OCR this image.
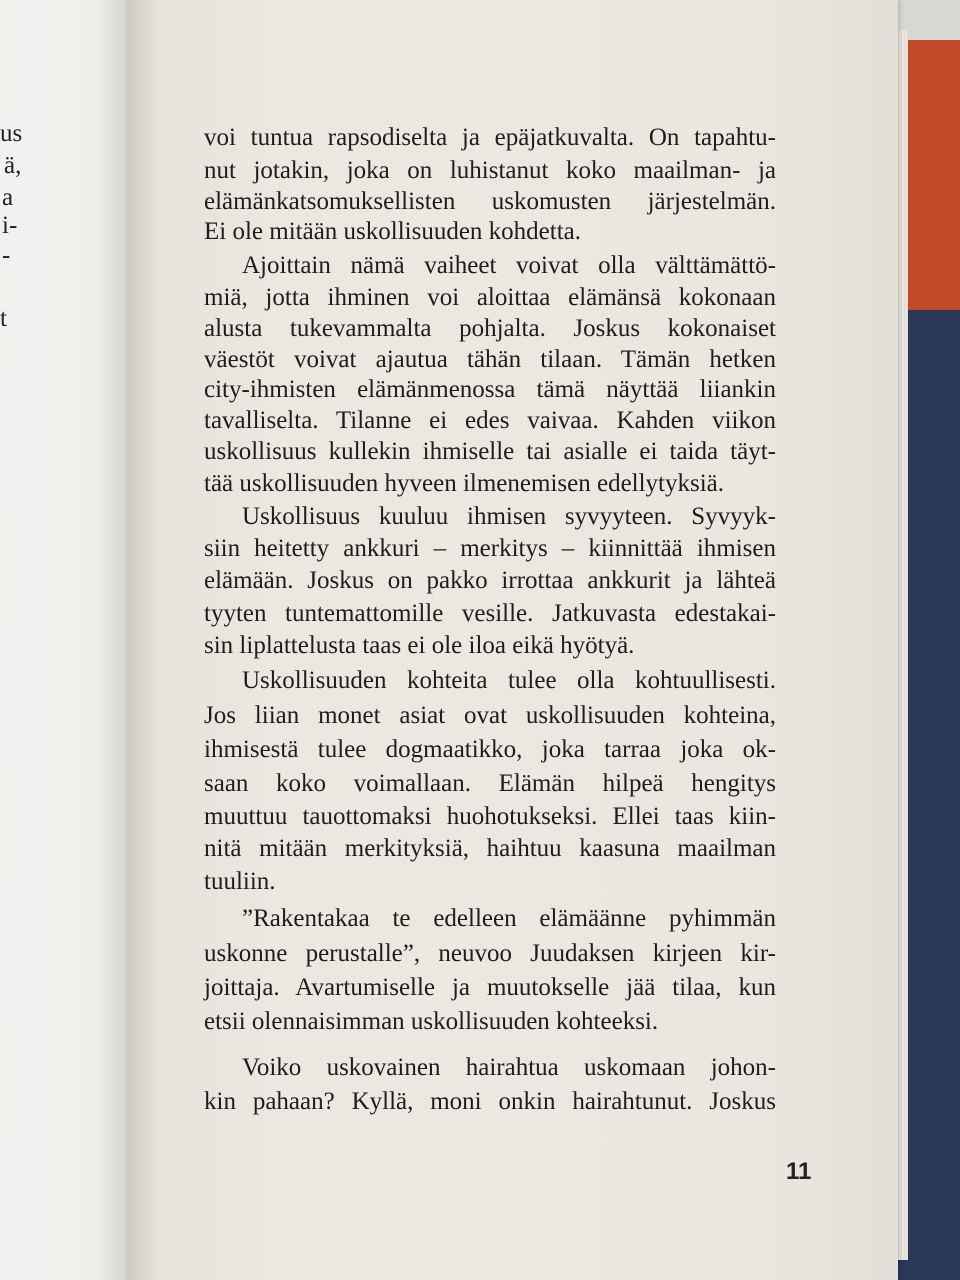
us
ä,
a
i-
-
t
voi tuntua rapsodiselta ja epäjatkuvalta. On tapahtu-
nut jotakin, joka on luhistanut koko maailman- ja
elämänkatsomuksellisten uskomusten järjestelmän.
Ei ole mitään uskollisuuden kohdetta.
Ajoittain nämä vaiheet voivat olla välttämättö-
miä, jotta ihminen voi aloittaa elämänsä kokonaan
alusta tukevammalta pohjalta. Joskus kokonaiset
väestöt voivat ajautua tähän tilaan. Tämän hetken
city-ihmisten elämänmenossa tämä näyttää liiankin
tavalliselta. Tilanne ei edes vaivaa. Kahden viikon
uskollisuus kullekin ihmiselle tai asialle ei taida täyt-
tää uskollisuuden hyveen ilmenemisen edellytyksiä.
Uskollisuus kuuluu ihmisen syvyyteen. Syvyyk-
siin heitetty ankkuri – merkitys – kiinnittää ihmisen
elämään. Joskus on pakko irrottaa ankkurit ja lähteä
tyyten tuntemattomille vesille. Jatkuvasta edestakai-
sin liplattelusta taas ei ole iloa eikä hyötyä.
Uskollisuuden kohteita tulee olla kohtuullisesti.
Jos liian monet asiat ovat uskollisuuden kohteina,
ihmisestä tulee dogmaatikko, joka tarraa joka ok-
saan koko voimallaan. Elämän hilpeä hengitys
muuttuu tauottomaksi huohotukseksi. Ellei taas kiin-
nitä mitään merkityksiä, haihtuu kaasuna maailman
tuuliin.
”Rakentakaa te edelleen elämäänne pyhimmän
uskonne perustalle”, neuvoo Juudaksen kirjeen kir-
joittaja. Avartumiselle ja muutokselle jää tilaa, kun
etsii olennaisimman uskollisuuden kohteeksi.
Voiko uskovainen hairahtua uskomaan johon-
kin pahaan? Kyllä, moni onkin hairahtunut. Joskus
11
